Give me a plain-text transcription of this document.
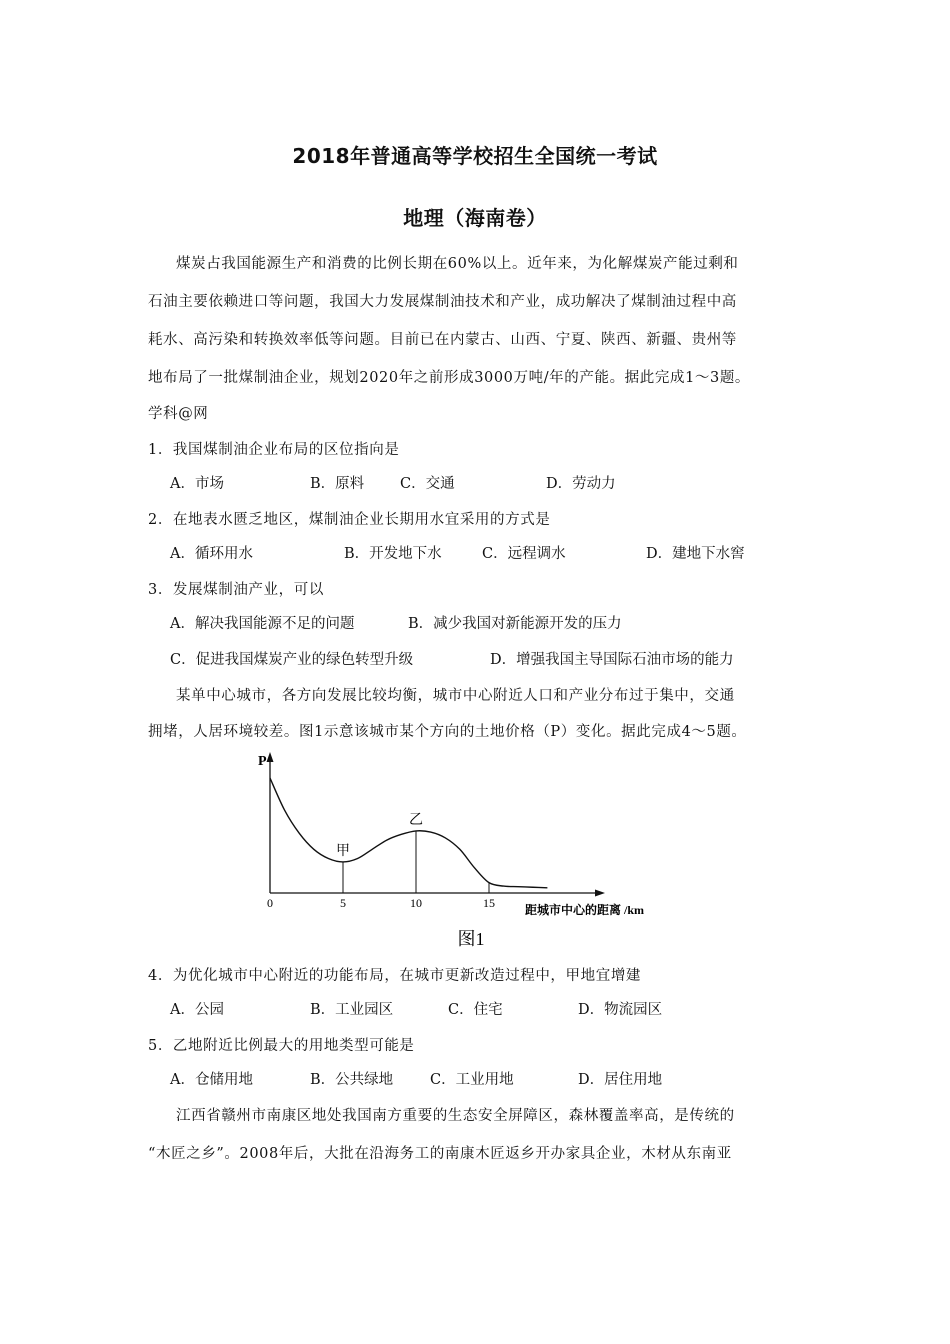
2018年普通高等学校招生全国统一考试
地理（海南卷）
煤炭占我国能源生产和消费的比例长期在60%以上。近年来，为化解煤炭产能过剩和
石油主要依赖进口等问题，我国大力发展煤制油技术和产业，成功解决了煤制油过程中高
耗水、高污染和转换效率低等问题。目前已在内蒙古、山西、宁夏、陕西、新疆、贵州等
地布局了一批煤制油企业，规划2020年之前形成3000万吨/年的产能。据此完成1～3题。
学科@网
1．我国煤制油企业布局的区位指向是
A．市场	B．原料 C．交通	D．劳动力
2．在地表水匮乏地区，煤制油企业长期用水宜采用的方式是
A．循环用水	B．开发地下水	C．远程调水	D．建地下水窖
3．发展煤制油产业，可以
A．解决我国能源不足的问题	B．减少我国对新能源开发的压力
C．促进我国煤炭产业的绿色转型升级	D．增强我国主导国际石油市场的能力
某单中心城市，各方向发展比较均衡，城市中心附近人口和产业分布过于集中，交通
拥堵，人居环境较差。图1示意该城市某个方向的土地价格（P）变化。据此完成4～5题。
P
0	5	10	15
甲
乙
距城市中心的距离 /km
图1
4．为优化城市中心附近的功能布局，在城市更新改造过程中，甲地宜增建
A．公园	B．工业园区	C．住宅	D．物流园区
5．乙地附近比例最大的用地类型可能是
A．仓储用地	B．公共绿地	C．工业用地	D．居住用地
江西省赣州市南康区地处我国南方重要的生态安全屏障区，森林覆盖率高，是传统的
“木匠之乡”。2008年后，大批在沿海务工的南康木匠返乡开办家具企业，木材从东南亚
